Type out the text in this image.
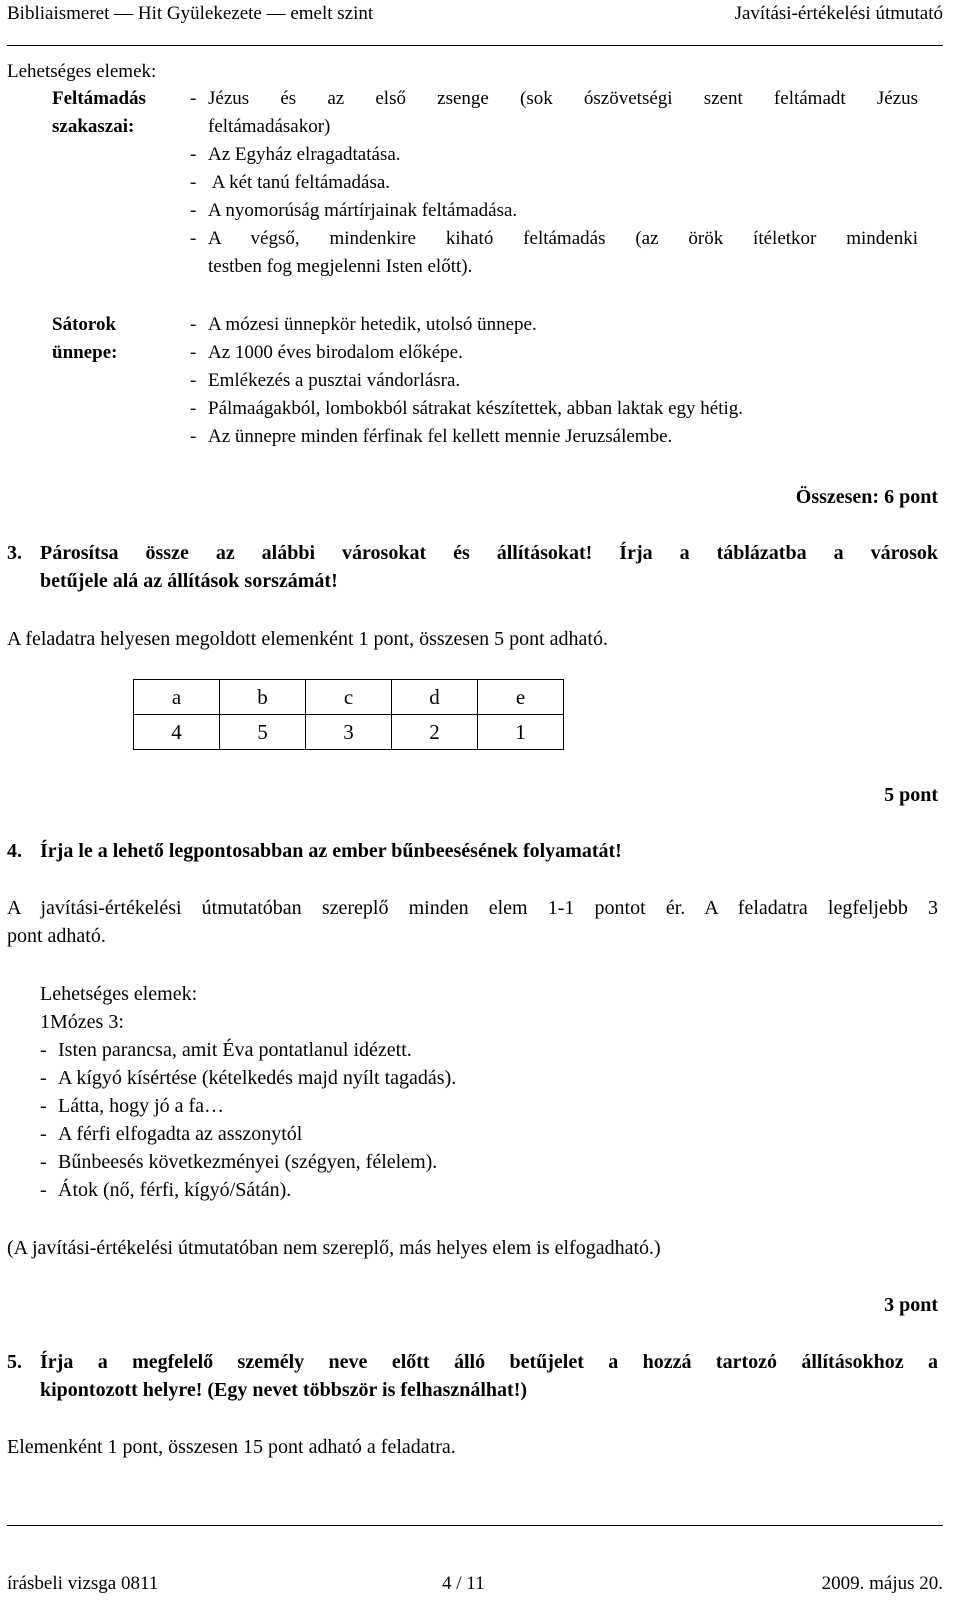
Bibliaismeret — Hit Gyülekezete — emelt szint	Javítási-értékelési útmutató
Lehetséges elemek:
Feltámadás
szakaszai:
- Jézus és az első zsenge (sok ószövetségi szent feltámadt Jézus
feltámadásakor)
- Az Egyház elragadtatása.
- A két tanú feltámadása.
- A nyomorúság mártírjainak feltámadása.
- A végső, mindenkire kiható feltámadás (az örök ítéletkor mindenki
testben fog megjelenni Isten előtt).
Sátorok
ünnepe:
- A mózesi ünnepkör hetedik, utolsó ünnepe.
- Az 1000 éves birodalom előképe.
- Emlékezés a pusztai vándorlásra.
- Pálmaágakból, lombokból sátrakat készítettek, abban laktak egy hétig.
- Az ünnepre minden férfinak fel kellett mennie Jeruzsálembe.
Összesen: 6 pont
3. Párosítsa össze az alábbi városokat és állításokat! Írja a táblázatba a városok
betűjele alá az állítások sorszámát!
A feladatra helyesen megoldott elemenként 1 pont, összesen 5 pont adható.
a	b	c	d	e
4	5	3	2	1
5 pont
4. Írja le a lehető legpontosabban az ember bűnbeesésének folyamatát!
A javítási-értékelési útmutatóban szereplő minden elem 1-1 pontot ér. A feladatra legfeljebb 3
pont adható.
Lehetséges elemek:
1Mózes 3:
- Isten parancsa, amit Éva pontatlanul idézett.
- A kígyó kísértése (kételkedés majd nyílt tagadás).
- Látta, hogy jó a fa…
- A férfi elfogadta az asszonytól
- Bűnbeesés következményei (szégyen, félelem).
- Átok (nő, férfi, kígyó/Sátán).
(A javítási-értékelési útmutatóban nem szereplő, más helyes elem is elfogadható.)
3 pont
5. Írja a megfelelő személy neve előtt álló betűjelet a hozzá tartozó állításokhoz a
kipontozott helyre! (Egy nevet többször is felhasználhat!)
Elemenként 1 pont, összesen 15 pont adható a feladatra.
írásbeli vizsga 0811	4 / 11	2009. május 20.
